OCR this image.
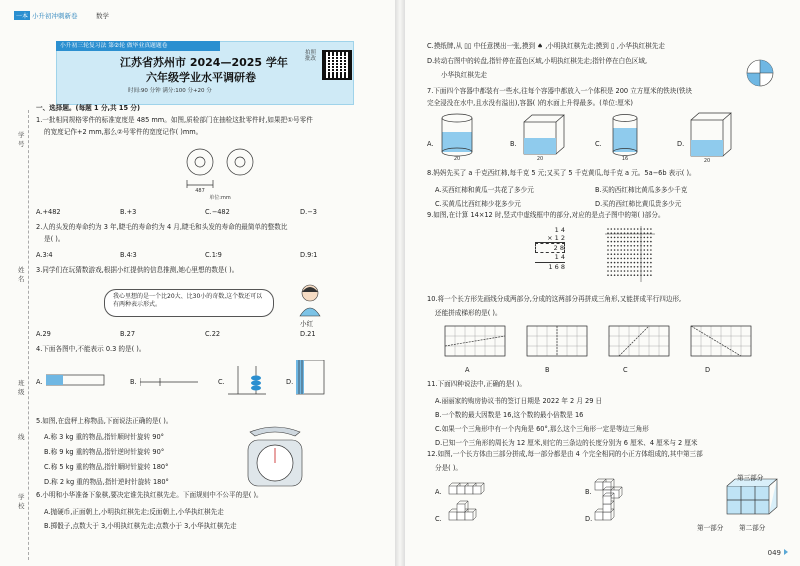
一本 小升初冲刺新卷	数学
小升初三轮复习法 第②轮 做毕业真题题卷
江苏省苏州市 2024—2025 学年
六年级学业水平调研卷
时间:90 分钟 满分:100 分+20 分
拍照批改
学号
姓名
班级
线
学校
一、选择题。(每题 1 分,共 15 分)
1.一批相同规格零件的标准宽度是 485 mm。如图,质检部门在抽检这批零件时,如果把①号零件
的宽度记作+2 mm,那么②号零件的宽度记作( )mm。
487
单位:mm
A.+482	B.+3	C.−482	D.−3
2.人的头发的寿命约为 3 年,睫毛的寿命约为 4 月,睫毛和头发的寿命的最简单的整数比
是( )。
A.3∶4	B.4∶3	C.1∶9	D.9∶1
3.同学们在玩猜数游戏,根据小红提供的信息推测,她心里想的数是( )。
我心里想的是一个比20大、比30小的奇数,这个数还可以有两种表示形式。
小红
A.29	B.27	C.22	D.21
4.下面各图中,不能表示 0.3 的是( )。
A.	B.	C.	D.
5.如图,在盘秤上称物品,下面说法正确的是( )。
A.称 3 kg 重的物品,指针顺时针旋转 90°
B.称 9 kg 重的物品,指针逆时针旋转 90°
C.称 5 kg 重的物品,指针顺时针旋转 180°
D.称 2 kg 重的物品,指针逆时针旋转 180°
6.小明和小华准备下象棋,要决定谁先执红棋先走。下面规则中不公平的是( )。
A.抛硬币,正面朝上,小明执红棋先走;反面朝上,小华执红棋先走
B.掷骰子,点数大于 3,小明执红棋先走;点数小于 3,小华执红棋先走
C.摸纸牌,从 ▯▯ 中任意摸出一张,摸到 ♠ ,小明执红棋先走;摸到 ▯ ,小华执红棋先走
D.转动右图中的转盘,指针停在蓝色区域,小明执红棋先走;指针停在白色区域,
小华执红棋先走
7.下面四个容器中都装有一些水,往每个容器中都放入一个体积是 200 立方厘米的铁块(铁块
完全浸没在水中,且水没有溢出),容器( )的水面上升得最多。(单位:厘米)
A.
20
B.
20
C.
16
D.
20
8.妈妈先买了 a 千克西红柿,每千克 5 元;又买了 5 千克黄瓜,每千克 a 元。5a−6b 表示( )。
A.买西红柿和黄瓜一共花了多少元	B.买的西红柿比黄瓜多多少千克
C.买黄瓜比西红柿少花多少元	D.买的西红柿比黄瓜贵多少元
9.如图,在计算 14×12 时,竖式中虚线框中的部分,对应的是点子图中的第( )部分。
1 4
× 1 2
2 8
1 4
1 6 8
10.将一个长方形先画线分成两部分,分成的这两部分再拼成三角形,又能拼成平行四边形,
还能拼成梯形的是( )。
A	B	C	D
11.下面四种说法中,正确的是( )。
A.丽丽家的购房协议书的签订日期是 2022 年 2 月 29 日
B.一个数的最大因数是 16,这个数的最小倍数是 16
C.如果一个三角形中有一个内角是 60°,那么这个三角形一定是等边三角形
D.已知一个三角形的周长为 12 厘米,则它的三条边的长度分别为 6 厘米、4 厘米与 2 厘米
12.如图,一个长方体由三部分拼成,每一部分都是由 4 个完全相同的小正方体组成的,其中第三部
分是( )。
A.	B.
C.	D.
第三部分
第一部分 第二部分
049
